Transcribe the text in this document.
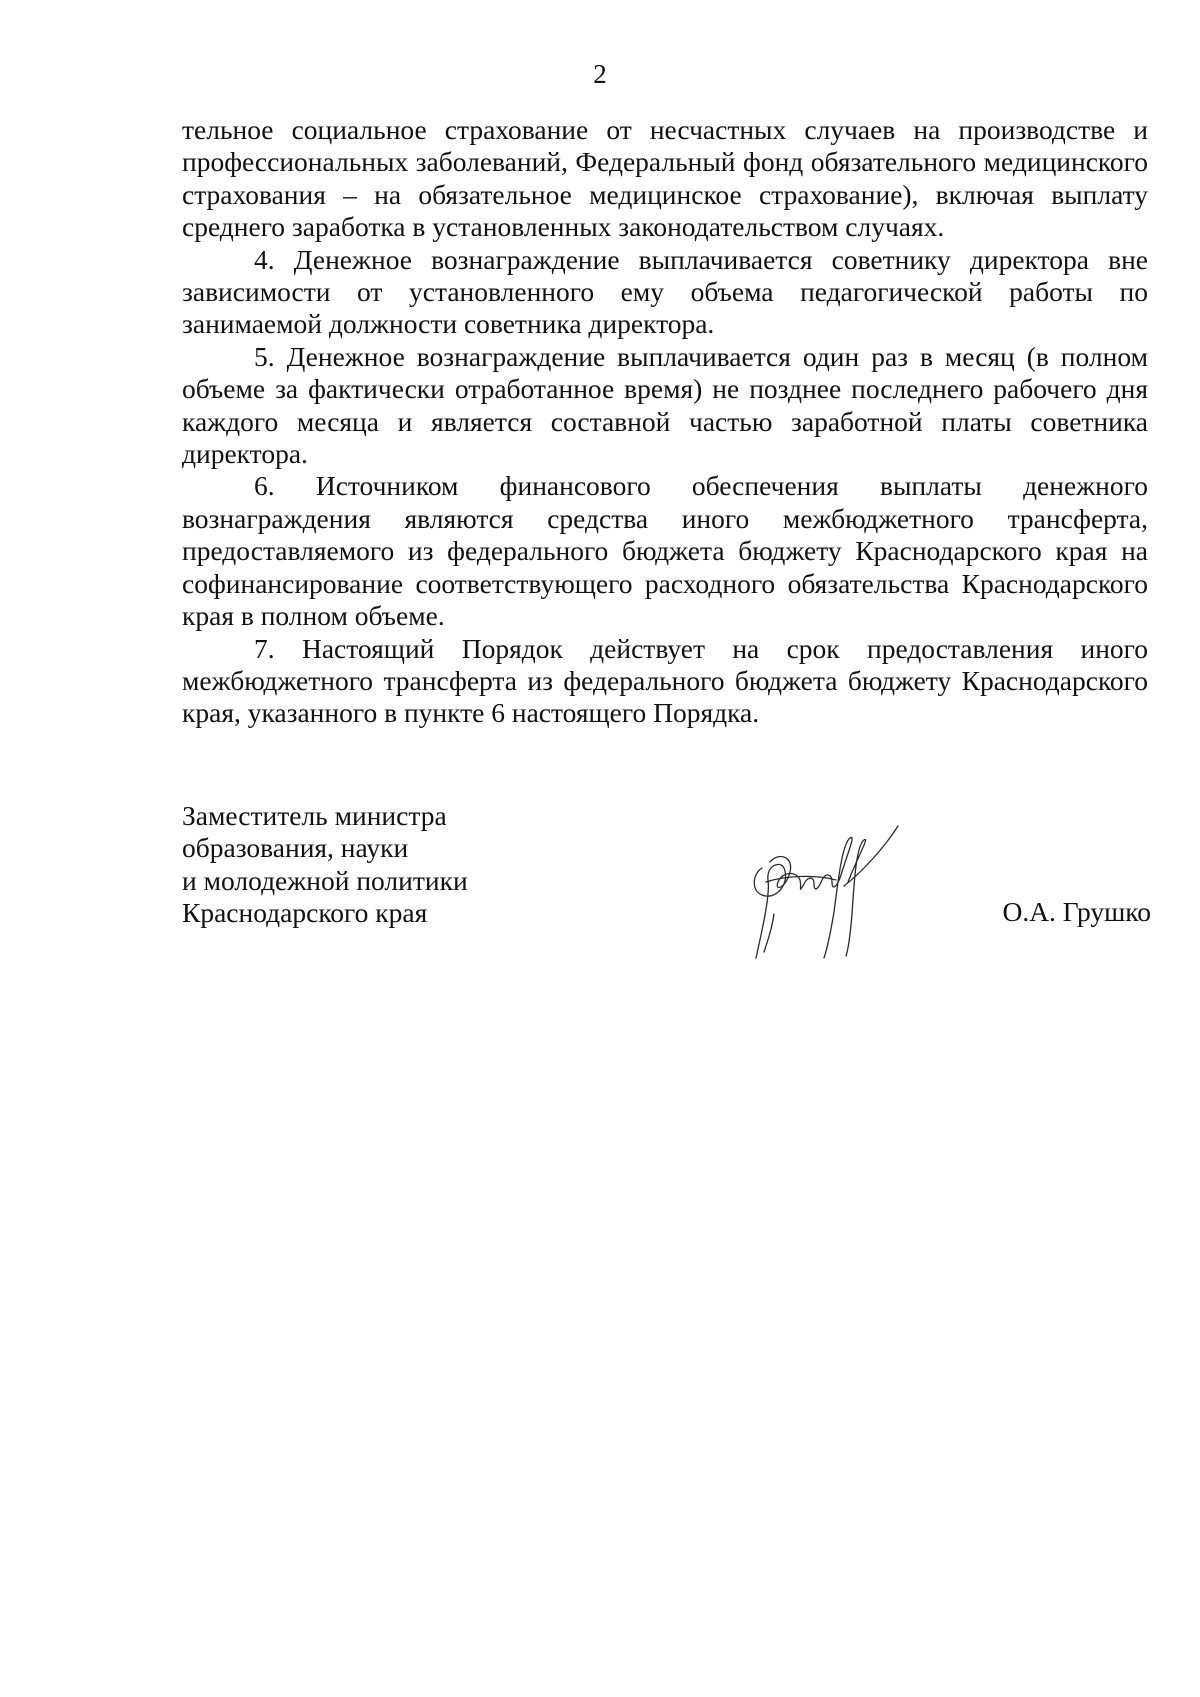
2

тельное социальное страхование от несчастных случаев на производстве и профессиональных заболеваний, Федеральный фонд обязательного медицинского страхования – на обязательное медицинское страхование), включая выплату среднего заработка в установленных законодательством случаях.

4. Денежное вознаграждение выплачивается советнику директора вне зависимости от установленного ему объема педагогической работы по занимаемой должности советника директора.

5. Денежное вознаграждение выплачивается один раз в месяц (в полном объеме за фактически отработанное время) не позднее последнего рабочего дня каждого месяца и является составной частью заработной платы советника директора.

6. Источником финансового обеспечения выплаты денежного вознаграждения являются средства иного межбюджетного трансферта, предоставляемого из федерального бюджета бюджету Краснодарского края на софинансирование соответствующего расходного обязательства Краснодарского края в полном объеме.

7. Настоящий Порядок действует на срок предоставления иного межбюджетного трансферта из федерального бюджета бюджету Краснодарского края, указанного в пункте 6 настоящего Порядка.

Заместитель министра
образования, науки
и молодежной политики
Краснодарского края	О.А. Грушко
